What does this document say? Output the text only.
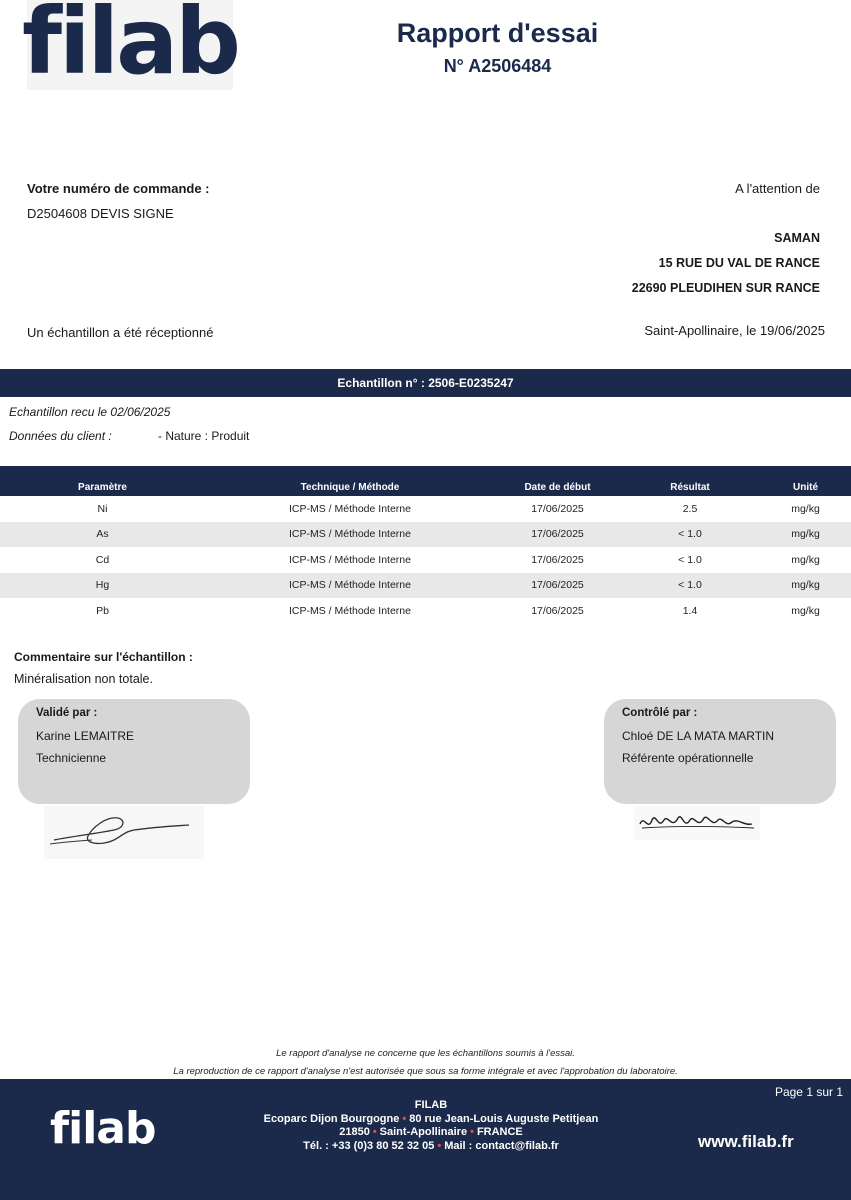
filab	Rapport d'essai
N° A2506484
Votre numéro de commande :
D2504608 DEVIS SIGNE
A l'attention de
SAMAN
15 RUE DU VAL DE RANCE
22690 PLEUDIHEN SUR RANCE
Un échantillon a été réceptionné	Saint-Apollinaire, le 19/06/2025
Echantillon n° : 2506-E0235247
Echantillon recu le 02/06/2025
Données du client :	- Nature : Produit
Paramètre	Technique / Méthode	Date de début	Résultat	Unité
Ni	ICP-MS / Méthode Interne	17/06/2025	2.5	mg/kg
As	ICP-MS / Méthode Interne	17/06/2025	< 1.0	mg/kg
Cd	ICP-MS / Méthode Interne	17/06/2025	< 1.0	mg/kg
Hg	ICP-MS / Méthode Interne	17/06/2025	< 1.0	mg/kg
Pb	ICP-MS / Méthode Interne	17/06/2025	1.4	mg/kg
Commentaire sur l'échantillon :
Minéralisation non totale.
Validé par :
Karine LEMAITRE
Technicienne
Contrôlé par :
Chloé DE LA MATA MARTIN
Référente opérationnelle
Le rapport d'analyse ne concerne que les échantillons soumis à l'essai.
La reproduction de ce rapport d'analyse n'est autorisée que sous sa forme intégrale et avec l'approbation du laboratoire.
filab	FILAB
Ecoparc Dijon Bourgogne • 80 rue Jean-Louis Auguste Petitjean
21850 • Saint-Apollinaire • FRANCE
Tél. : +33 (0)3 80 52 32 05 • Mail : contact@filab.fr
Page 1 sur 1
www.filab.fr
